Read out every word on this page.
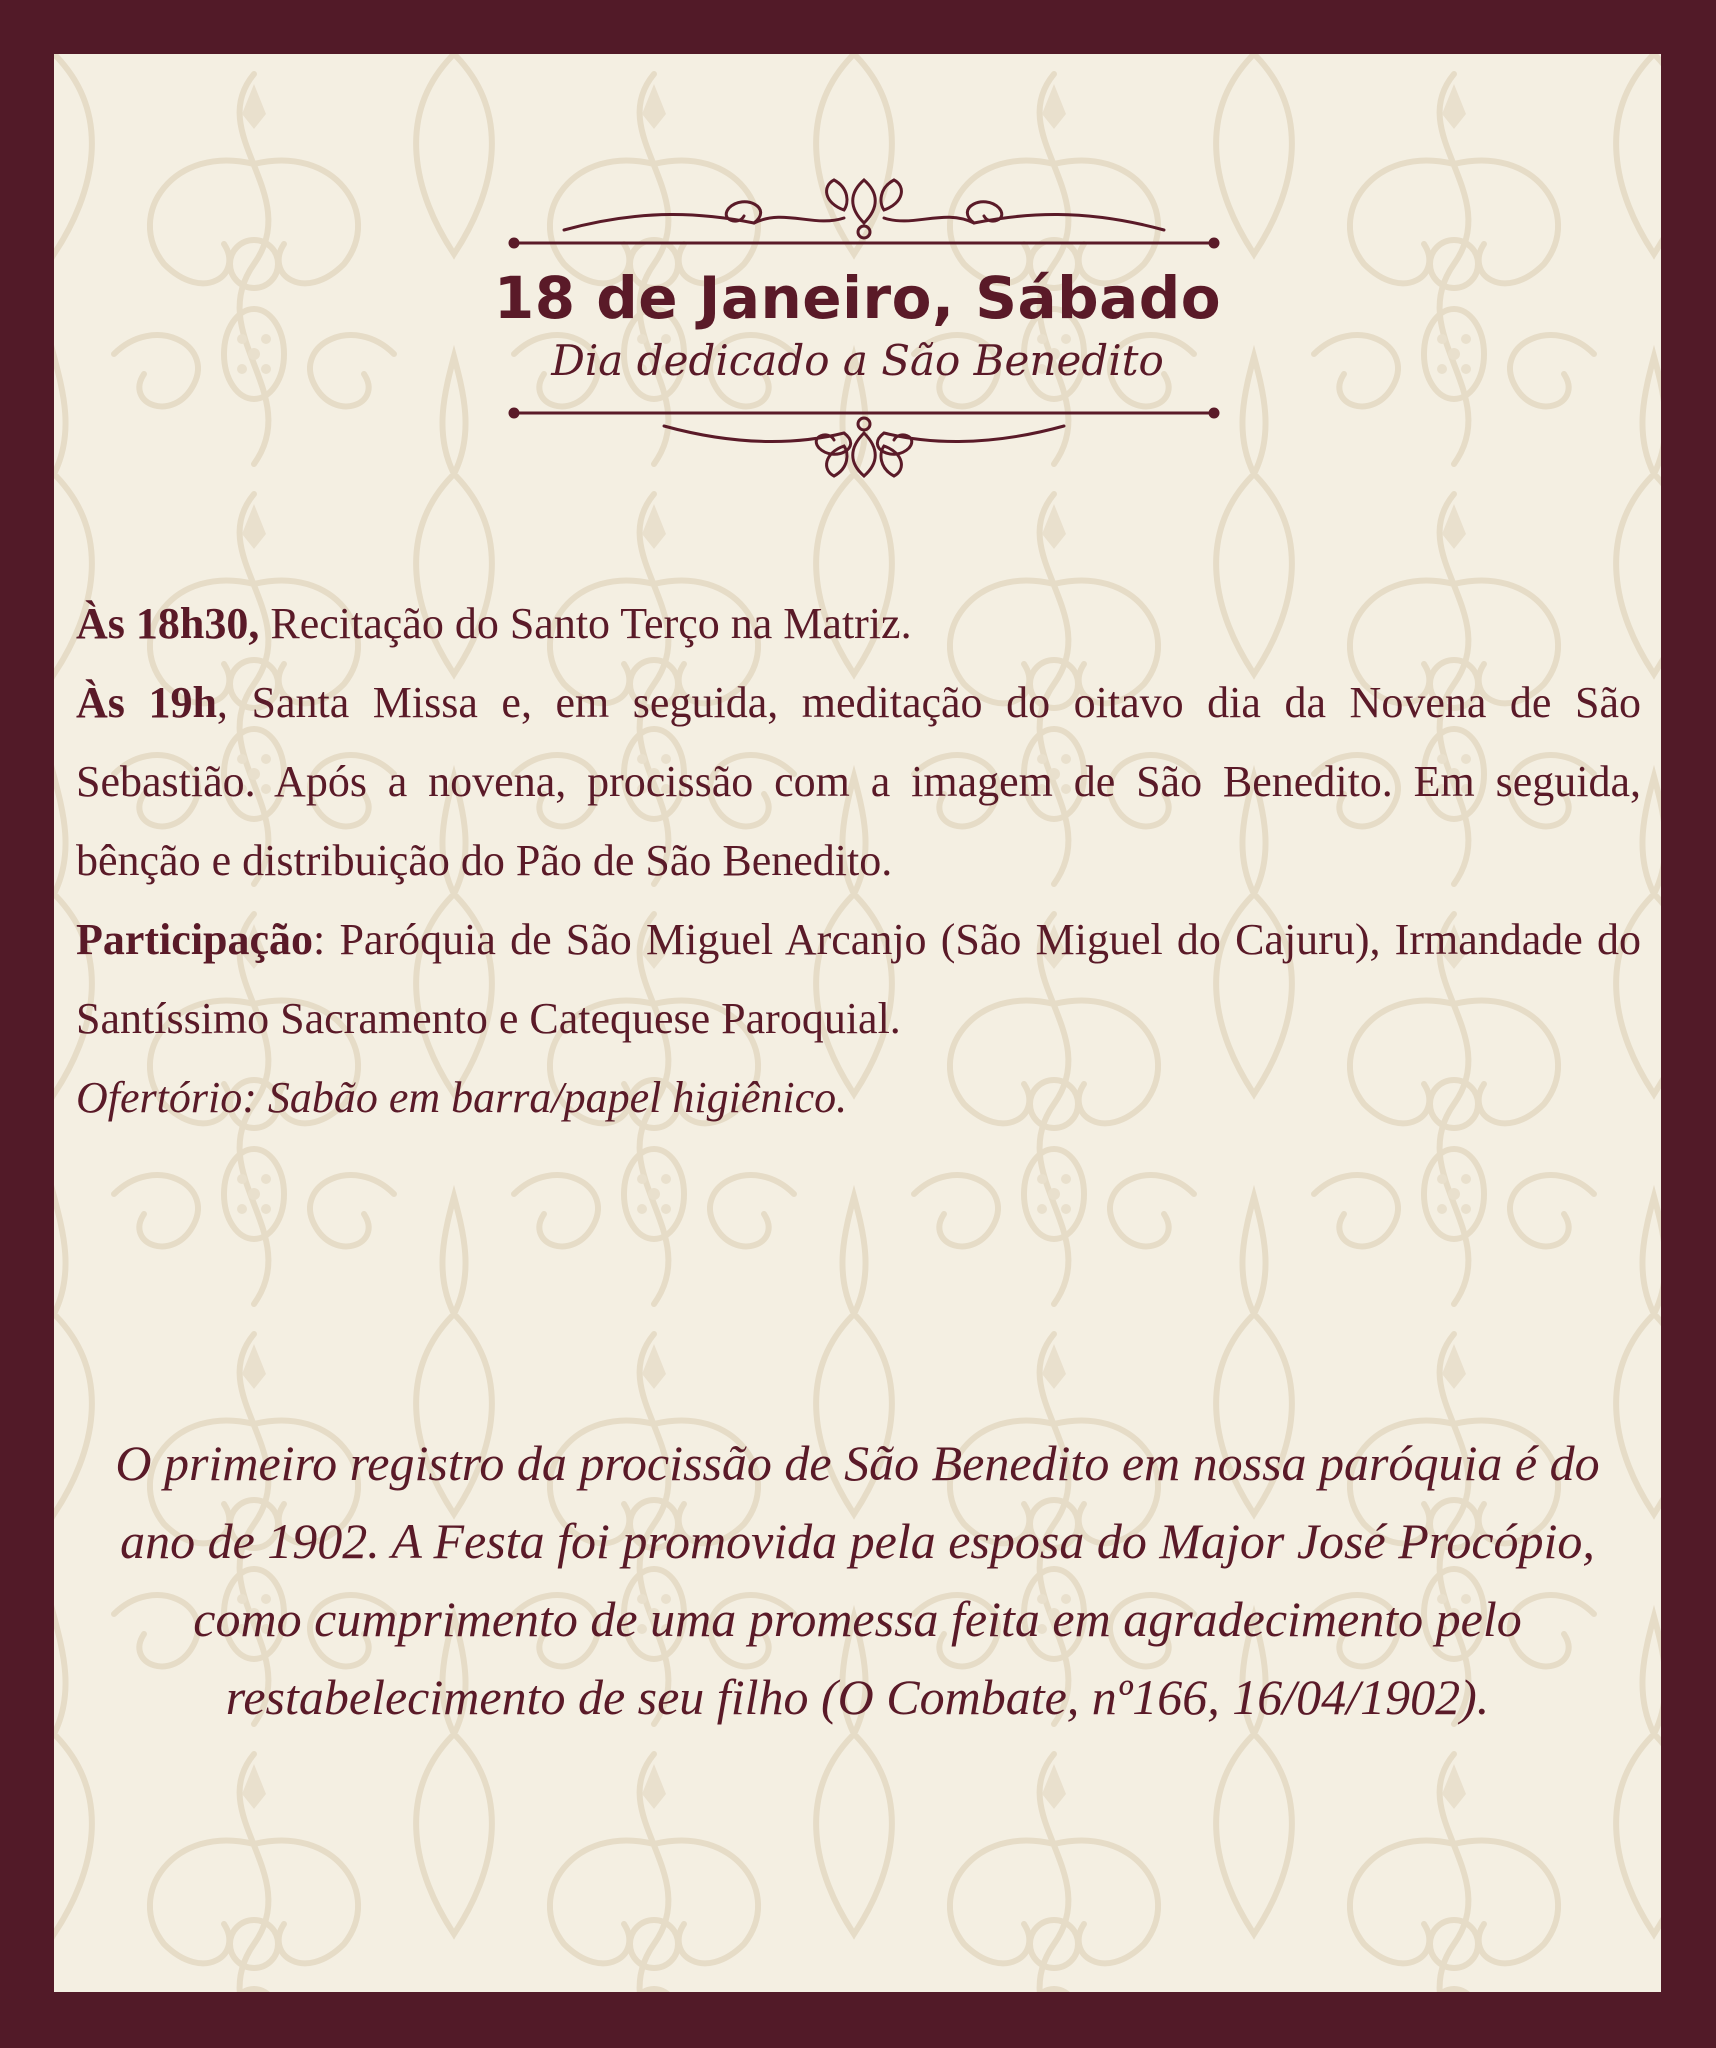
18 de Janeiro, Sábado
Dia dedicado a São Benedito

Às 18h30, Recitação do Santo Terço na Matriz.

Às 19h, Santa Missa e, em seguida, meditação do oitavo dia da Novena de São Sebastião. Após a novena, procissão com a imagem de São Benedito. Em seguida, bênção e distribuição do Pão de São Benedito.

Participação: Paróquia de São Miguel Arcanjo (São Miguel do Cajuru), Irmandade do Santíssimo Sacramento e Catequese Paroquial.

Ofertório: Sabão em barra/papel higiênico.

O primeiro registro da procissão de São Benedito em nossa paróquia é do ano de 1902. A Festa foi promovida pela esposa do Major José Procópio, como cumprimento de uma promessa feita em agradecimento pelo restabelecimento de seu filho (O Combate, nº166, 16/04/1902).
